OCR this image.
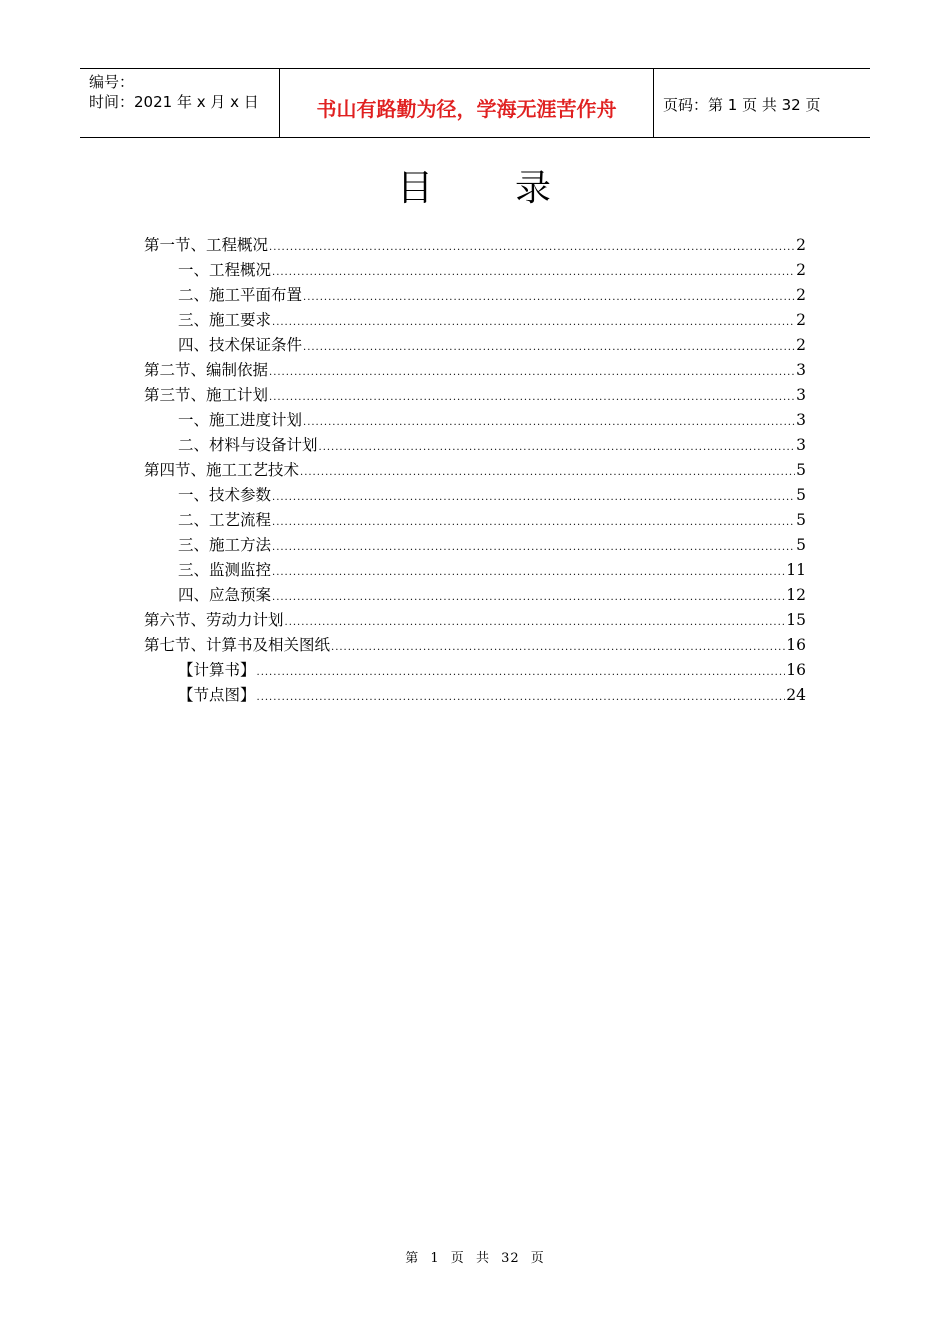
编号：
时间：2021 年 x 月 x 日	书山有路勤为径，学海无涯苦作舟	页码：第 1 页 共 32 页
目 录
第一节、工程概况 .....	2
一、工程概况 .....	2
二、施工平面布置 .....	2
三、施工要求 .....	2
四、技术保证条件 .....	2
第二节、编制依据 .....	3
第三节、施工计划 .....	3
一、施工进度计划 .....	3
二、材料与设备计划 .....	3
第四节、施工工艺技术 .....	5
一、技术参数 .....	5
二、工艺流程 .....	5
三、施工方法 .....	5
三、监测监控 .....	11
四、应急预案 .....	12
第六节、劳动力计划 .....	15
第七节、计算书及相关图纸 .....	16
【计算书】 .....	16
【节点图】 .....	24
第 1 页 共 32 页
